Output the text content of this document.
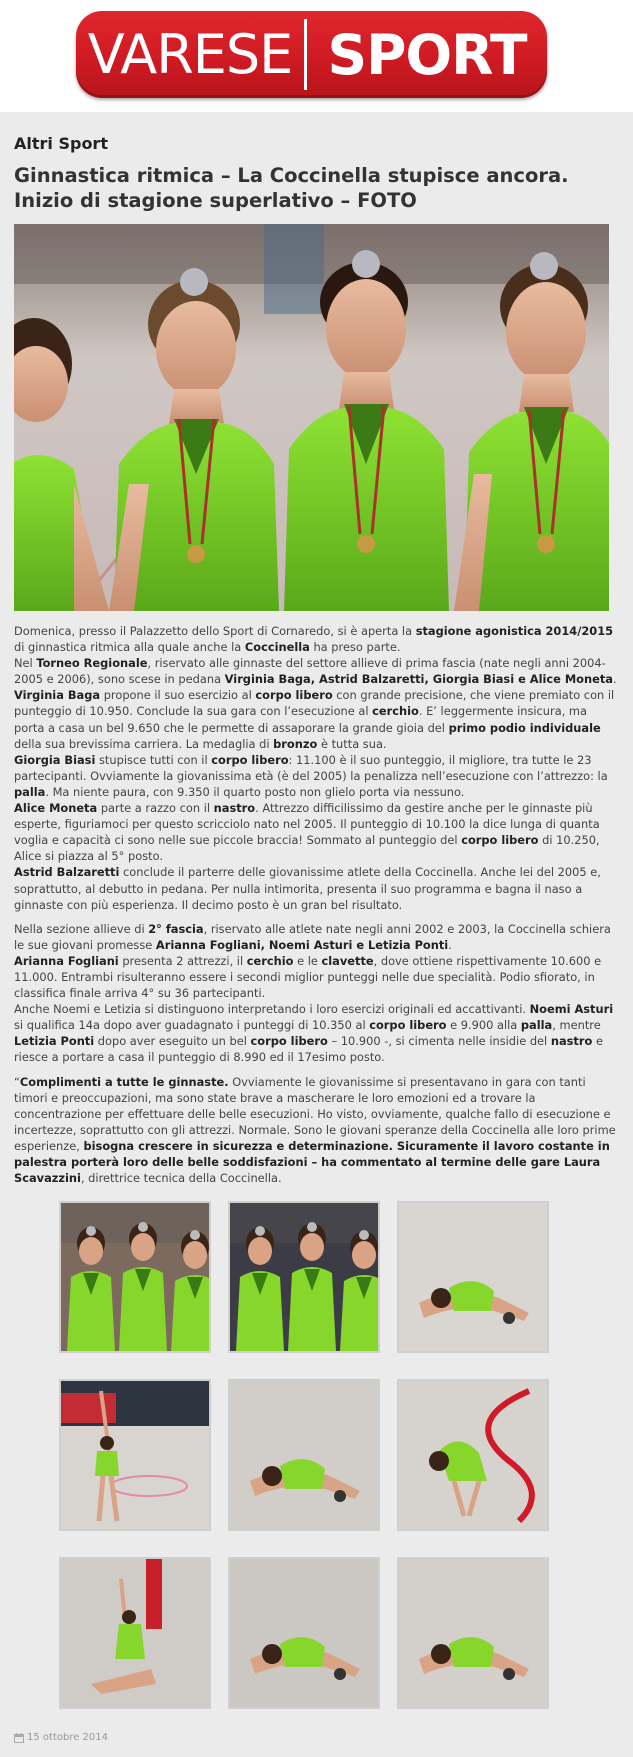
VARESE SPORT
Altri Sport
Ginnastica ritmica – La Coccinella stupisce ancora. Inizio di stagione superlativo – FOTO

Domenica, presso il Palazzetto dello Sport di Cornaredo, si è aperta la stagione agonistica 2014/2015 di ginnastica ritmica alla quale anche la Coccinella ha preso parte.

Nel Torneo Regionale, riservato alle ginnaste del settore allieve di prima fascia (nate negli anni 2004-2005 e 2006), sono scese in pedana Virginia Baga, Astrid Balzaretti, Giorgia Biasi e Alice Moneta.

Virginia Baga propone il suo esercizio al corpo libero con grande precisione, che viene premiato con il punteggio di 10.950. Conclude la sua gara con l’esecuzione al cerchio. E’ leggermente insicura, ma porta a casa un bel 9.650 che le permette di assaporare la grande gioia del primo podio individuale della sua brevissima carriera. La medaglia di bronzo è tutta sua.

Giorgia Biasi stupisce tutti con il corpo libero: 11.100 è il suo punteggio, il migliore, tra tutte le 23 partecipanti. Ovviamente la giovanissima età (è del 2005) la penalizza nell’esecuzione con l’attrezzo: la palla. Ma niente paura, con 9.350 il quarto posto non glielo porta via nessuno.

Alice Moneta parte a razzo con il nastro. Attrezzo difficilissimo da gestire anche per le ginnaste più esperte, figuriamoci per questo scricciolo nato nel 2005. Il punteggio di 10.100 la dice lunga di quanta voglia e capacità ci sono nelle sue piccole braccia! Sommato al punteggio del corpo libero di 10.250, Alice si piazza al 5° posto.

Astrid Balzaretti conclude il parterre delle giovanissime atlete della Coccinella. Anche lei del 2005 e, soprattutto, al debutto in pedana. Per nulla intimorita, presenta il suo programma e bagna il naso a ginnaste con più esperienza. Il decimo posto è un gran bel risultato.

Nella sezione allieve di 2° fascia, riservato alle atlete nate negli anni 2002 e 2003, la Coccinella schiera le sue giovani promesse Arianna Fogliani, Noemi Asturi e Letizia Ponti.

Arianna Fogliani presenta 2 attrezzi, il cerchio e le clavette, dove ottiene rispettivamente 10.600 e 11.000. Entrambi risulteranno essere i secondi miglior punteggi nelle due specialità. Podio sfiorato, in classifica finale arriva 4° su 36 partecipanti.

Anche Noemi e Letizia si distinguono interpretando i loro esercizi originali ed accattivanti. Noemi Asturi si qualifica 14a dopo aver guadagnato i punteggi di 10.350 al corpo libero e 9.900 alla palla, mentre Letizia Ponti dopo aver eseguito un bel corpo libero – 10.900 -, si cimenta nelle insidie del nastro e riesce a portare a casa il punteggio di 8.990 ed il 17esimo posto.

“Complimenti a tutte le ginnaste. Ovviamente le giovanissime si presentavano in gara con tanti timori e preoccupazioni, ma sono state brave a mascherare le loro emozioni ed a trovare la concentrazione per effettuare delle belle esecuzioni. Ho visto, ovviamente, qualche fallo di esecuzione e incertezze, soprattutto con gli attrezzi. Normale. Sono le giovani speranze della Coccinella alle loro prime esperienze, bisogna crescere in sicurezza e determinazione. Sicuramente il lavoro costante in palestra porterà loro delle belle soddisfazioni – ha commentato al termine delle gare Laura Scavazzini, direttrice tecnica della Coccinella.

15 ottobre 2014
